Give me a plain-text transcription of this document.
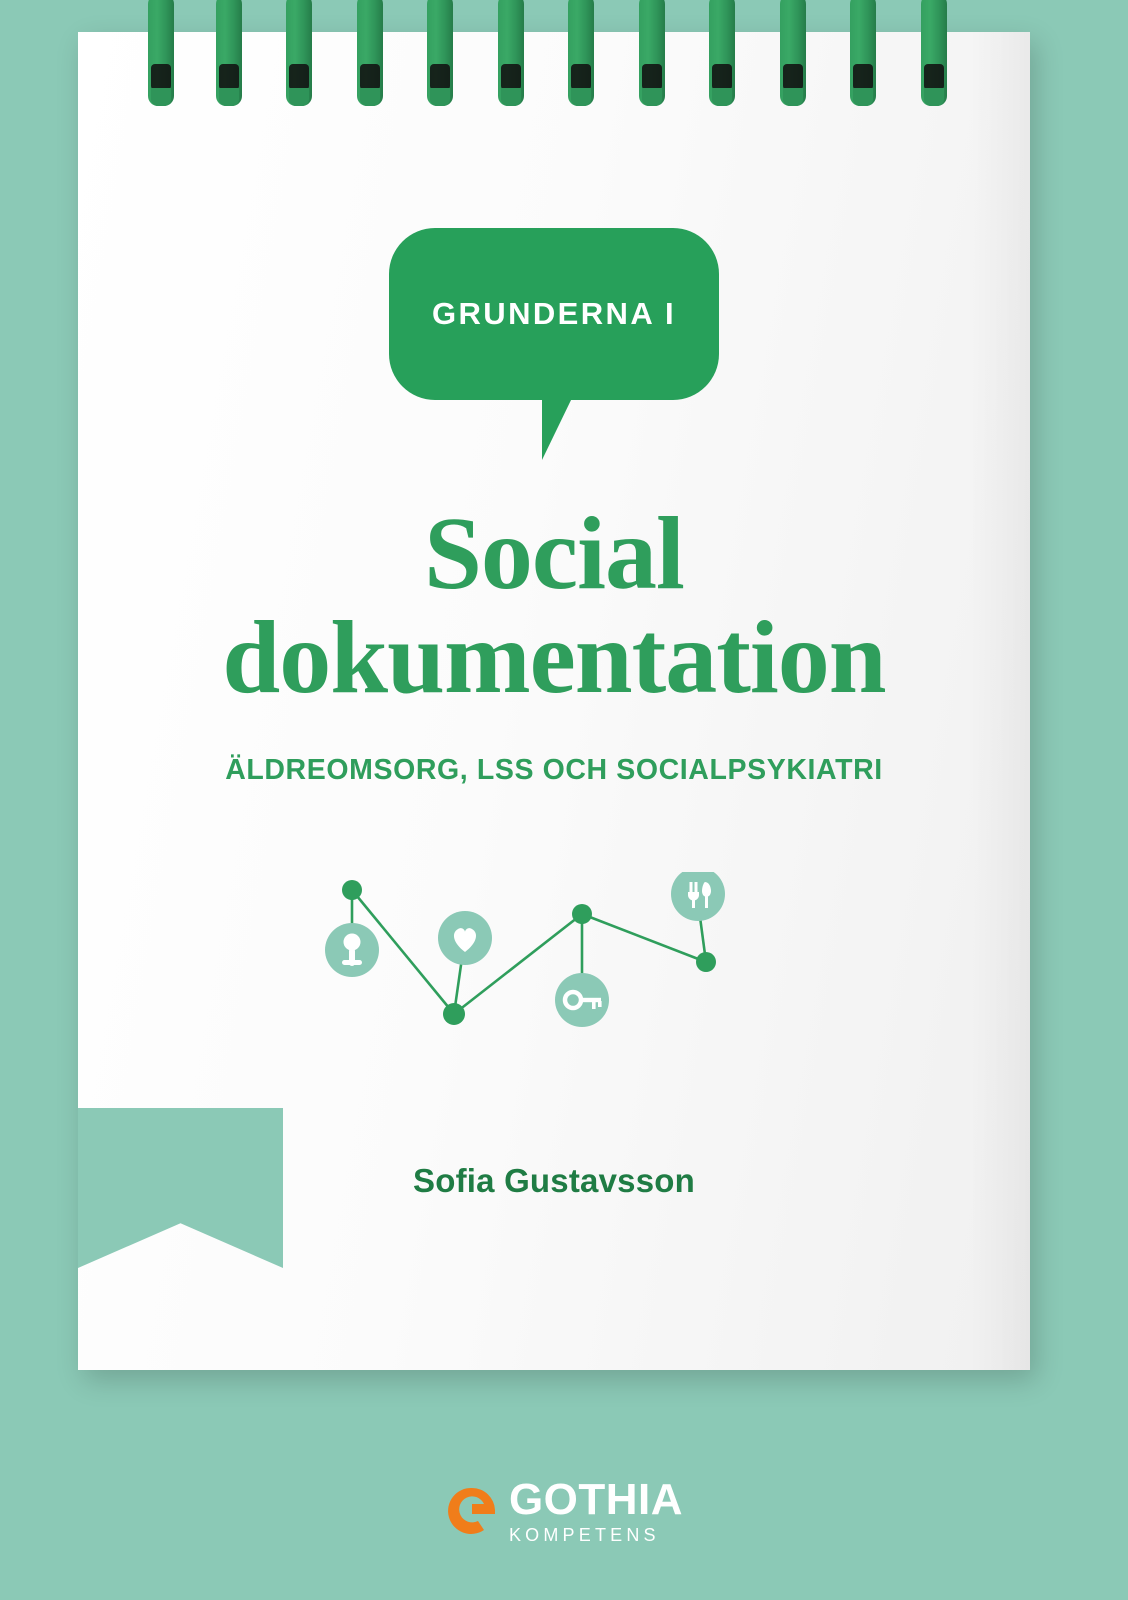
GRUNDERNA I
Social dokumentation
ÄLDREOMSORG, LSS OCH SOCIALPSYKIATRI
Sofia Gustavsson
GOTHIA
KOMPETENS
